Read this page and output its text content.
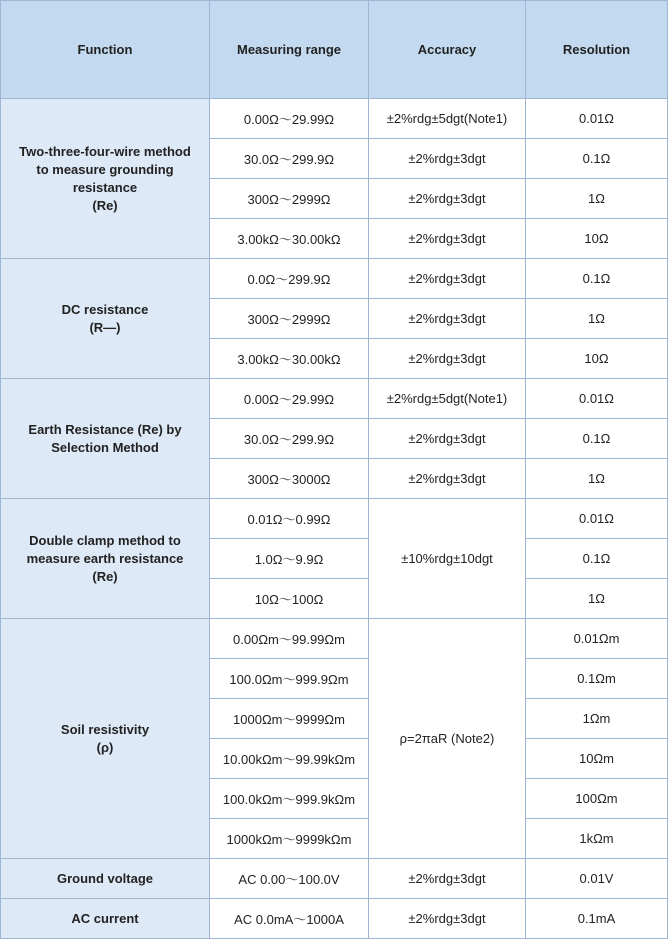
Function	Measuring range	Accuracy	Resolution

Two-three-four-wire method
to measure grounding
resistance
(Re)	0.00Ω～29.99Ω	±2%rdg±5dgt(Note1)	0.01Ω
	30.0Ω～299.9Ω	±2%rdg±3dgt	0.1Ω
	300Ω～2999Ω	±2%rdg±3dgt	1Ω
	3.00kΩ～30.00kΩ	±2%rdg±3dgt	10Ω

DC resistance
(R—)	0.0Ω～299.9Ω	±2%rdg±3dgt	0.1Ω
	300Ω～2999Ω	±2%rdg±3dgt	1Ω
	3.00kΩ～30.00kΩ	±2%rdg±3dgt	10Ω

Earth Resistance (Re) by
Selection Method	0.00Ω～29.99Ω	±2%rdg±5dgt(Note1)	0.01Ω
	30.0Ω～299.9Ω	±2%rdg±3dgt	0.1Ω
	300Ω～3000Ω	±2%rdg±3dgt	1Ω

Double clamp method to
measure earth resistance
(Re)	0.01Ω～0.99Ω	±10%rdg±10dgt	0.01Ω
	1.0Ω～9.9Ω		0.1Ω
	10Ω～100Ω		1Ω

Soil resistivity
(ρ)	0.00Ωm～99.99Ωm	ρ=2πaR (Note2)	0.01Ωm
	100.0Ωm～999.9Ωm		0.1Ωm
	1000Ωm～9999Ωm		1Ωm
	10.00kΩm～99.99kΩm		10Ωm
	100.0kΩm～999.9kΩm		100Ωm
	1000kΩm～9999kΩm		1kΩm

Ground voltage	AC 0.00～100.0V	±2%rdg±3dgt	0.01V

AC current	AC 0.0mA～1000A	±2%rdg±3dgt	0.1mA
